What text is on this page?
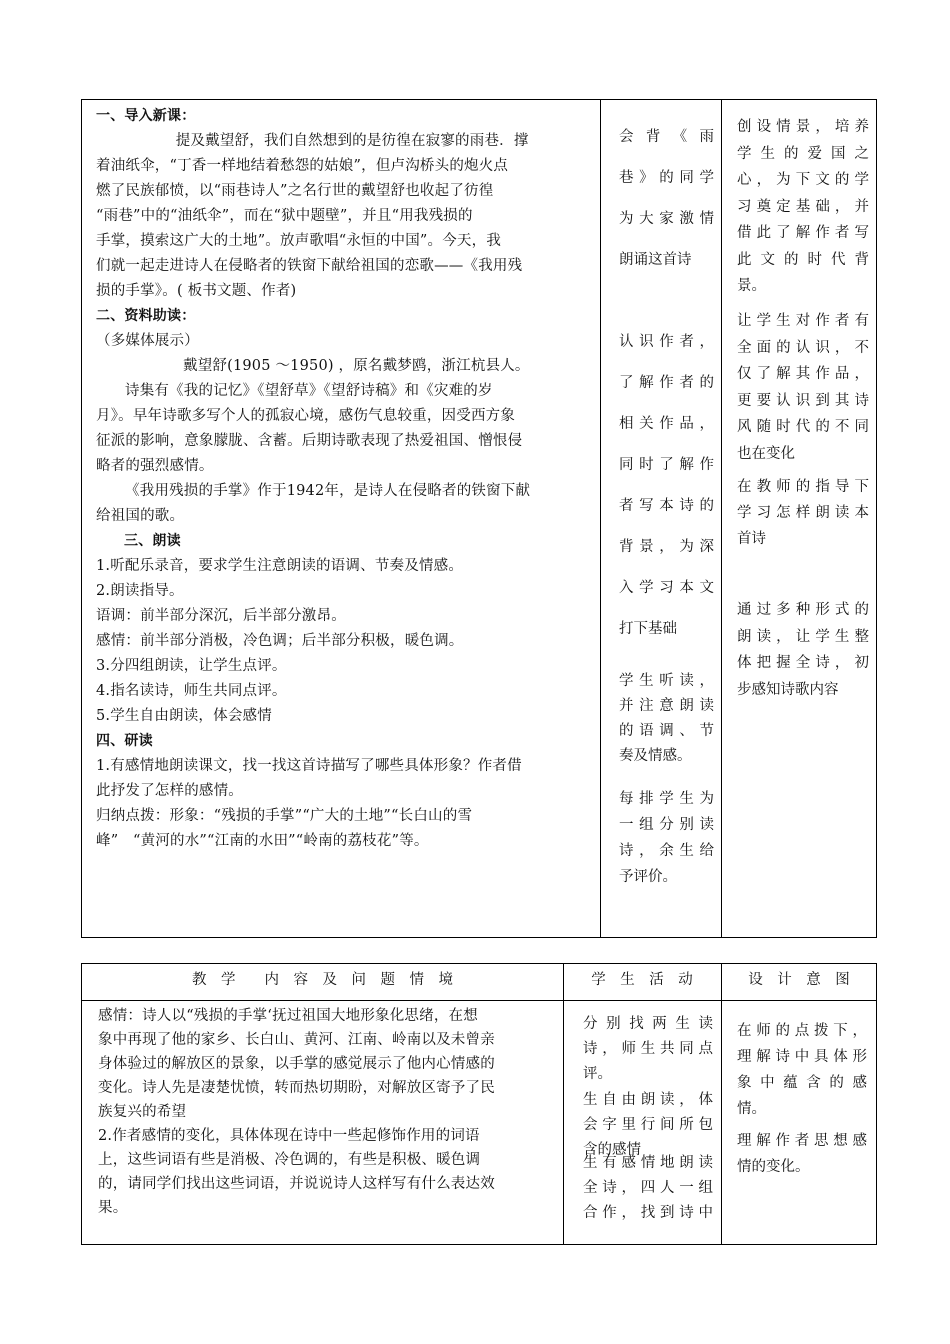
一、导入新课：

提及戴望舒，我们自然想到的是彷徨在寂寥的雨巷．撑

着油纸伞，“丁香一样地结着愁怨的姑娘”，但卢沟桥头的炮火点

燃了民族郁愤，以“雨巷诗人”之名行世的戴望舒也收起了彷徨

“雨巷”中的“油纸伞”，而在“狱中题壁”，并且“用我残损的

手掌，摸索这广大的土地”。放声歌唱“永恒的中国”。今天，我

们就一起走进诗人在侵略者的铁窗下献给祖国的恋歌——《我用残

损的手掌》。( 板书文题、作者)

二、资料助读：

（多媒体展示）

戴望舒(1905 ～1950) ，原名戴梦鸥，浙江杭县人。

诗集有《我的记忆》《望舒草》《望舒诗稿》和《灾难的岁

月》。早年诗歌多写个人的孤寂心境，感伤气息较重，因受西方象

征派的影响，意象朦胧、含蓄。后期诗歌表现了热爱祖国、憎恨侵

略者的强烈感情。

《我用残损的手掌》作于1942年，是诗人在侵略者的铁窗下献

给祖国的歌。

三、朗读

1.听配乐录音，要求学生注意朗读的语调、节奏及情感。

2.朗读指导。

语调：前半部分深沉，后半部分激昂。

感情：前半部分消极，冷色调；后半部分积极，暖色调。

3.分四组朗读，让学生点评。

4.指名读诗，师生共同点评。

5.学生自由朗读，体会感情

四、研读

1.有感情地朗读课文，找一找这首诗描写了哪些具体形象？作者借

此抒发了怎样的感情。

归纳点拨：形象：“残损的手掌”“广大的土地”“长白山的雪

峰”　“黄河的水”“江南的水田”“岭南的荔枝花”等。

会 背 《 雨

巷》的同学

为大家激情

朗诵这首诗

认识作者，

了解作者的

相关作品，

同时了解作

者写本诗的

背景，为深

入学习本文

打下基础

学生听读，

并注意朗读

的语调、节

奏及情感。

每排学生为

一组分别读

诗，余生给

予评价。

创设情景，培养

学生的爱国之

心，为下文的学

习奠定基础，并

借此了解作者写

此文的时代背

景。

让学生对作者有

全面的认识，不

仅了解其作品，

更要认识到其诗

风随时代的不同

也在变化

在教师的指导下

学习怎样朗读本

首诗

通过多种形式的

朗读，让学生整

体把握全诗，初

步感知诗歌内容

教　学　　内　容　及　问　题　情　境	学　生　活　动	设　计　意　图

感情：诗人以“残损的手掌‘抚过祖国大地形象化思绪，在想

象中再现了他的家乡、长白山、黄河、江南、岭南以及未曾亲

身体验过的解放区的景象，以手掌的感觉展示了他内心情感的

变化。诗人先是凄楚忧愤，转而热切期盼，对解放区寄予了民

族复兴的希望

2.作者感情的变化，具体体现在诗中一些起修饰作用的词语

上，这些词语有些是消极、冷色调的，有些是积极、暖色调

的，请同学们找出这些词语，并说说诗人这样写有什么表达效

果。

分别找两生读

诗，师生共同点

评。

生自由朗读，体

会字里行间所包

含的感情

生有感情地朗读

全诗，四人一组

合作，找到诗中

在师的点拨下，

理解诗中具体形

象中蕴含的感

情。

理解作者思想感

情的变化。
